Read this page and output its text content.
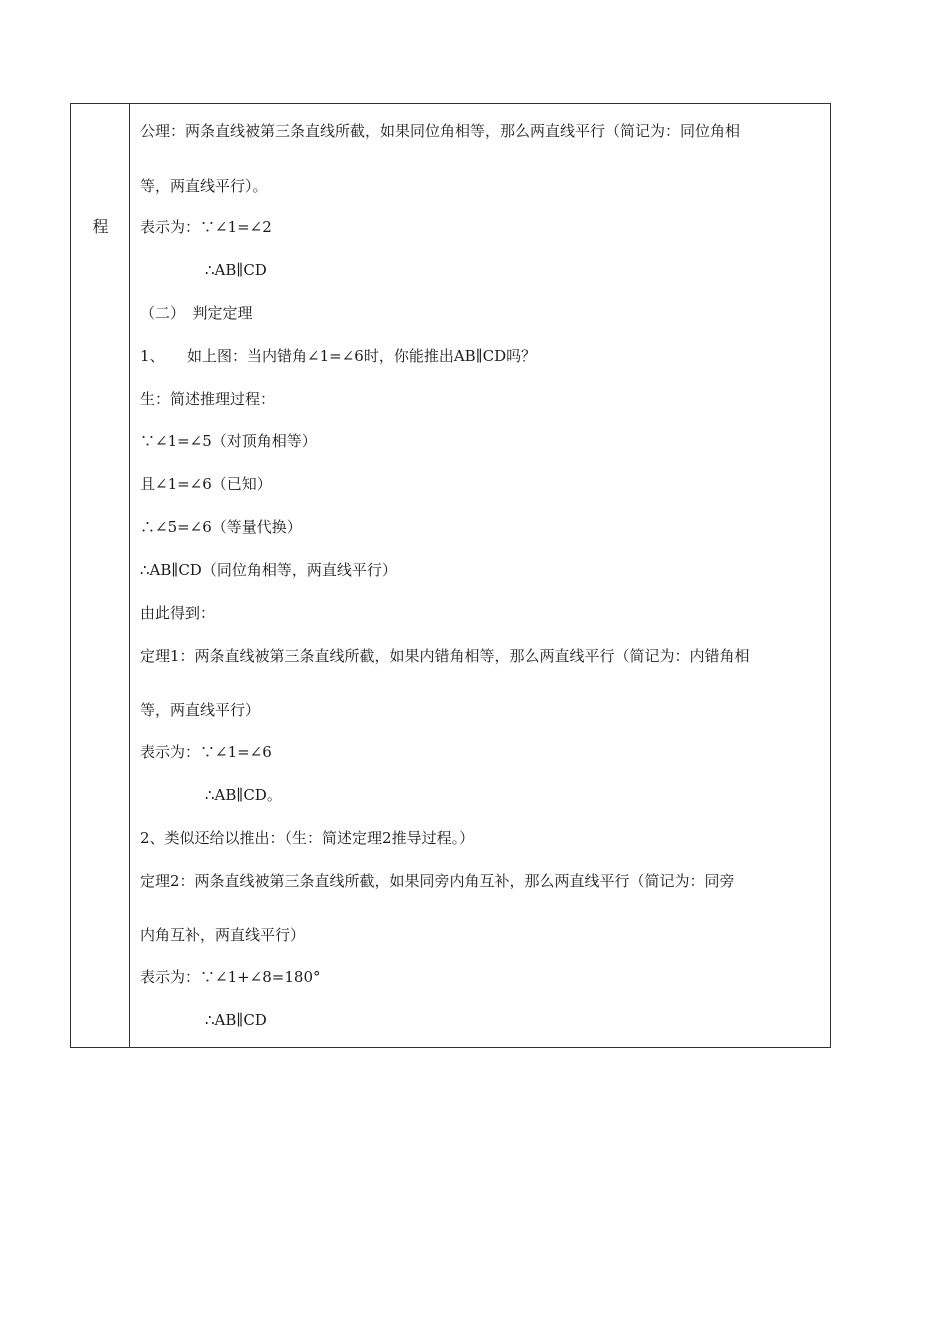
程
公理：两条直线被第三条直线所截，如果同位角相等，那么两直线平行（简记为：同位角相
等，两直线平行）。
表示为：∵∠1=∠2
∴AB∥CD
（二）　判定定理
1、　　如上图：当内错角∠1=∠6时，你能推出AB∥CD吗？
生：简述推理过程：
∵∠1=∠5（对顶角相等）
且∠1=∠6（已知）
∴∠5=∠6（等量代换）
∴AB∥CD（同位角相等，两直线平行）
由此得到：
定理1：两条直线被第三条直线所截，如果内错角相等，那么两直线平行（简记为：内错角相
等，两直线平行）
表示为：∵∠1=∠6
∴AB∥CD。
2、类似还给以推出：（生：简述定理2推导过程。）
定理2：两条直线被第三条直线所截，如果同旁内角互补，那么两直线平行（简记为：同旁
内角互补，两直线平行）
表示为：∵∠1+∠8=180°
∴AB∥CD
